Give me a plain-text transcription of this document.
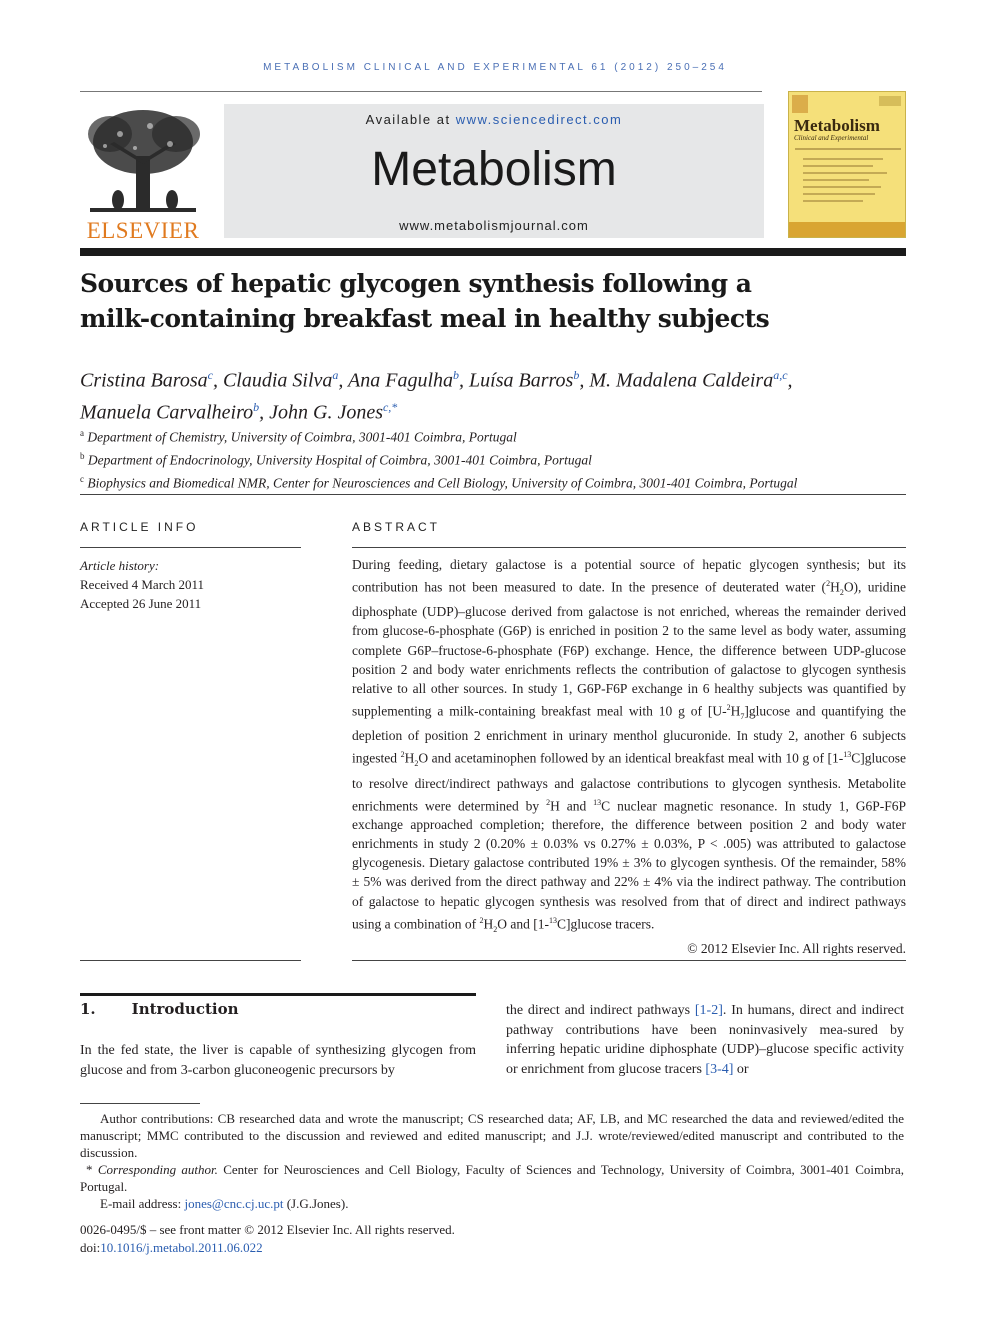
METABOLISM CLINICAL AND EXPERIMENTAL 61 (2012) 250–254
ELSEVIER
Available at www.sciencedirect.com
Metabolism
www.metabolismjournal.com
Metabolism
Clinical and Experimental
Sources of hepatic glycogen synthesis following a
milk-containing breakfast meal in healthy subjects
Cristina Barosa$^c$, Claudia Silva$^a$, Ana Fagulha$^b$, Luísa Barros$^b$, M. Madalena Caldeira$^{a,c}$,
Manuela Carvalheiro$^b$, John G. Jones$^{c,*}$
$^a$ Department of Chemistry, University of Coimbra, 3001-401 Coimbra, Portugal
$^b$ Department of Endocrinology, University Hospital of Coimbra, 3001-401 Coimbra, Portugal
$^c$ Biophysics and Biomedical NMR, Center for Neurosciences and Cell Biology, University of Coimbra, 3001-401 Coimbra, Portugal
ARTICLE INFO
Article history:
Received 4 March 2011
Accepted 26 June 2011
ABSTRACT
During feeding, dietary galactose is a potential source of hepatic glycogen synthesis; but its contribution has not been measured to date. In the presence of deuterated water $(^2H_2O)$, uridine diphosphate (UDP)–glucose derived from galactose is not enriched, whereas the remainder derived from glucose-6-phosphate (G6P) is enriched in position 2 to the same level as body water, assuming complete G6P–fructose-6-phosphate (F6P) exchange. Hence, the difference between UDP-glucose position 2 and body water enrichments reflects the contribution of galactose to glycogen synthesis relative to all other sources. In study 1, G6P-F6P exchange in 6 healthy subjects was quantified by supplementing a milk-containing breakfast meal with 10 g of $[U-^2H_7]glucose$ and quantifying the depletion of position 2 enrichment in urinary menthol glucuronide. In study 2, another 6 subjects ingested $^2H_2O$ and acetaminophen followed by an identical breakfast meal with 10 g of [1-$^{13}$C]glucose to resolve direct/indirect pathways and galactose contributions to glycogen synthesis. Metabolite enrichments were determined by $^2$H and $^{13}$C nuclear magnetic resonance. In study 1, G6P-F6P exchange approached completion; therefore, the difference between position 2 and body water enrichments in study 2 (0.20% ± 0.03% vs 0.27% ± 0.03%, P < .005) was attributed to galactose glycogenesis. Dietary galactose contributed 19% ± 3% to glycogen synthesis. Of the remainder, 58% ± 5% was derived from the direct pathway and 22% ± 4% via the indirect pathway. The contribution of galactose to hepatic glycogen synthesis was resolved from that of direct and indirect pathways using a combination of $^2H_2O$ and [1-$^{13}$C]glucose tracers.
© 2012 Elsevier Inc. All rights reserved.
1. Introduction
In the fed state, the liver is capable of synthesizing glycogen from glucose and from 3-carbon gluconeogenic precursors by
the direct and indirect pathways [1-2]. In humans, direct and indirect pathway contributions have been noninvasively mea-sured by inferring hepatic uridine diphosphate (UDP)–glucose specific activity or enrichment from glucose tracers [3-4] or

Author contributions: CB researched data and wrote the manuscript; CS researched data; AF, LB, and MC researched the data and reviewed/edited the manuscript; MMC contributed to the discussion and reviewed and edited manuscript; and J.J. wrote/reviewed/edited manuscript and contributed to the discussion.

* Corresponding author. Center for Neurosciences and Cell Biology, Faculty of Sciences and Technology, University of Coimbra, 3001-401 Coimbra, Portugal.

E-mail address: jones@cnc.cj.uc.pt (J.G.Jones).

0026-0495/$ – see front matter © 2012 Elsevier Inc. All rights reserved.
doi:10.1016/j.metabol.2011.06.022
